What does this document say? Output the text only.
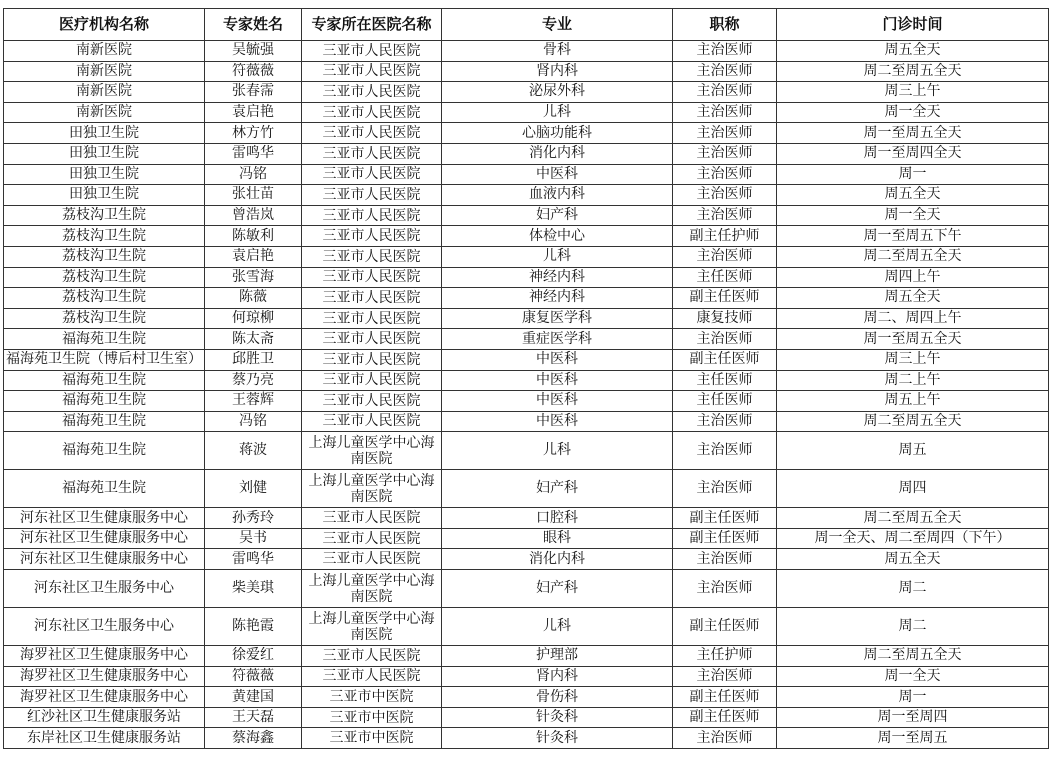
医疗机构名称	专家姓名	专家所在医院名称	专业	职称	门诊时间
南新医院	吴毓强	三亚市人民医院	骨科	主治医师	周五全天
南新医院	符薇薇	三亚市人民医院	肾内科	主治医师	周二至周五全天
南新医院	张春霈	三亚市人民医院	泌尿外科	主治医师	周三上午
南新医院	袁启艳	三亚市人民医院	儿科	主治医师	周一全天
田独卫生院	林方竹	三亚市人民医院	心脑功能科	主治医师	周一至周五全天
田独卫生院	雷鸣华	三亚市人民医院	消化内科	主治医师	周一至周四全天
田独卫生院	冯铭	三亚市人民医院	中医科	主治医师	周一
田独卫生院	张壮苗	三亚市人民医院	血液内科	主治医师	周五全天
荔枝沟卫生院	曾浩岚	三亚市人民医院	妇产科	主治医师	周一全天
荔枝沟卫生院	陈敏利	三亚市人民医院	体检中心	副主任护师	周一至周五下午
荔枝沟卫生院	袁启艳	三亚市人民医院	儿科	主治医师	周二至周五全天
荔枝沟卫生院	张雪海	三亚市人民医院	神经内科	主任医师	周四上午
荔枝沟卫生院	陈薇	三亚市人民医院	神经内科	副主任医师	周五全天
荔枝沟卫生院	何琼柳	三亚市人民医院	康复医学科	康复技师	周二、周四上午
福海苑卫生院	陈太斋	三亚市人民医院	重症医学科	主治医师	周一至周五全天
福海苑卫生院（博后村卫生室）	邱胜卫	三亚市人民医院	中医科	副主任医师	周三上午
福海苑卫生院	蔡乃亮	三亚市人民医院	中医科	主任医师	周二上午
福海苑卫生院	王蓉辉	三亚市人民医院	中医科	主任医师	周五上午
福海苑卫生院	冯铭	三亚市人民医院	中医科	主治医师	周二至周五全天
福海苑卫生院	蒋波	上海儿童医学中心海南医院	儿科	主治医师	周五
福海苑卫生院	刘健	上海儿童医学中心海南医院	妇产科	主治医师	周四
河东社区卫生健康服务中心	孙秀玲	三亚市人民医院	口腔科	副主任医师	周二至周五全天
河东社区卫生健康服务中心	吴书	三亚市人民医院	眼科	副主任医师	周一全天、周二至周四（下午）
河东社区卫生健康服务中心	雷鸣华	三亚市人民医院	消化内科	主治医师	周五全天
河东社区卫生服务中心	柴美琪	上海儿童医学中心海南医院	妇产科	主治医师	周二
河东社区卫生服务中心	陈艳霞	上海儿童医学中心海南医院	儿科	副主任医师	周二
海罗社区卫生健康服务中心	徐爱红	三亚市人民医院	护理部	主任护师	周二至周五全天
海罗社区卫生健康服务中心	符薇薇	三亚市人民医院	肾内科	主治医师	周一全天
海罗社区卫生健康服务中心	黄建国	三亚市中医院	骨伤科	副主任医师	周一
红沙社区卫生健康服务站	王天磊	三亚市中医院	针灸科	副主任医师	周一至周四
东岸社区卫生健康服务站	蔡海鑫	三亚市中医院	针灸科	主治医师	周一至周五
